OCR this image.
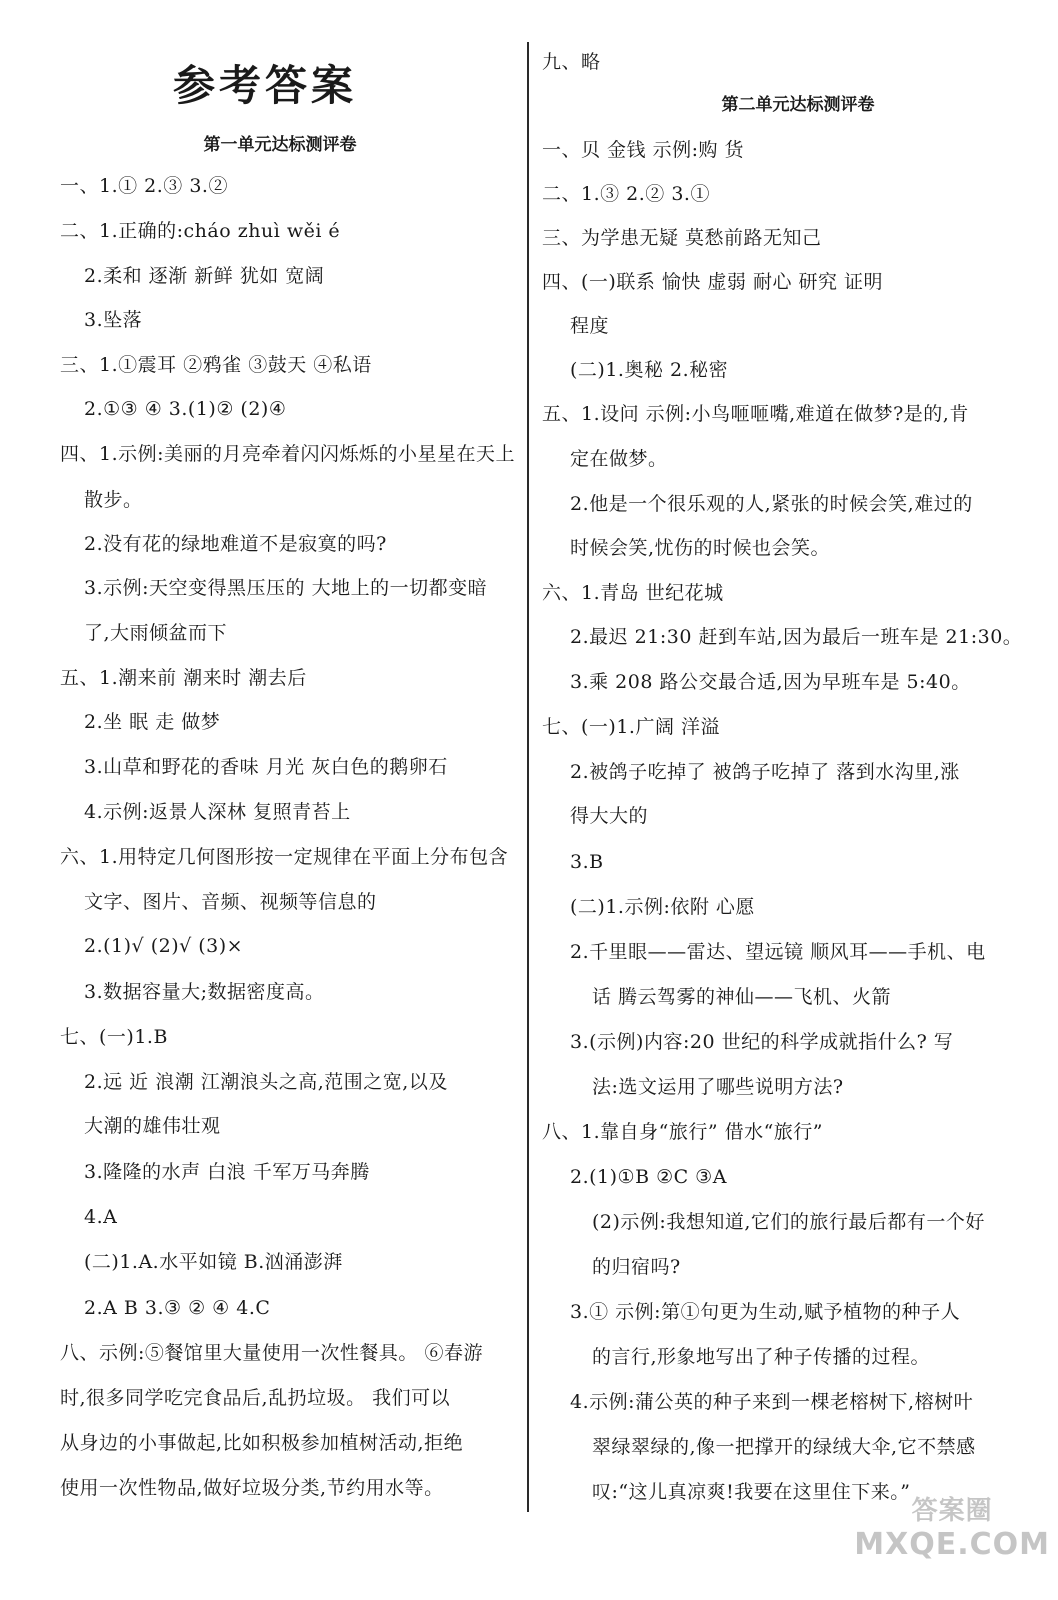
参考答案
第一单元达标测评卷
一、1.① 2.③ 3.②
二、1.正确的:cháo zhuì wěi é
2.柔和 逐渐 新鲜 犹如 宽阔
3.坠落
三、1.①震耳 ②鸦雀 ③鼓天 ④私语
2.①③ ④ 3.(1)② (2)④
四、1.示例:美丽的月亮牵着闪闪烁烁的小星星在天上
散步。
2.没有花的绿地难道不是寂寞的吗?
3.示例:天空变得黑压压的 大地上的一切都变暗
了,大雨倾盆而下
五、1.潮来前 潮来时 潮去后
2.坐 眠 走 做梦
3.山草和野花的香味 月光 灰白色的鹅卵石
4.示例:返景人深林 复照青苔上
六、1.用特定几何图形按一定规律在平面上分布包含
文字、图片、音频、视频等信息的
2.(1)√ (2)√ (3)×
3.数据容量大;数据密度高。
七、(一)1.B
2.远 近 浪潮 江潮浪头之高,范围之宽,以及
大潮的雄伟壮观
3.隆隆的水声 白浪 千军万马奔腾
4.A
(二)1.A.水平如镜 B.汹涌澎湃
2.A B 3.③ ② ④ 4.C
八、示例:⑤餐馆里大量使用一次性餐具。 ⑥春游
时,很多同学吃完食品后,乱扔垃圾。 我们可以
从身边的小事做起,比如积极参加植树活动,拒绝
使用一次性物品,做好垃圾分类,节约用水等。
九、略
第二单元达标测评卷
一、贝 金钱 示例:购 货
二、1.③ 2.② 3.①
三、为学患无疑 莫愁前路无知己
四、(一)联系 愉快 虚弱 耐心 研究 证明
程度
(二)1.奥秘 2.秘密
五、1.设问 示例:小鸟咂咂嘴,难道在做梦?是的,肯
定在做梦。
2.他是一个很乐观的人,紧张的时候会笑,难过的
时候会笑,忧伤的时候也会笑。
六、1.青岛 世纪花城
2.最迟 21:30 赶到车站,因为最后一班车是 21:30。
3.乘 208 路公交最合适,因为早班车是 5:40。
七、(一)1.广阔 洋溢
2.被鸽子吃掉了 被鸽子吃掉了 落到水沟里,涨
得大大的
3.B
(二)1.示例:依附 心愿
2.千里眼——雷达、望远镜 顺风耳——手机、电
话 腾云驾雾的神仙——飞机、火箭
3.(示例)内容:20 世纪的科学成就指什么? 写
法:选文运用了哪些说明方法?
八、1.靠自身“旅行” 借水“旅行”
2.(1)①B ②C ③A
(2)示例:我想知道,它们的旅行最后都有一个好
的归宿吗?
3.① 示例:第①句更为生动,赋予植物的种子人
的言行,形象地写出了种子传播的过程。
4.示例:蒲公英的种子来到一棵老榕树下,榕树叶
翠绿翠绿的,像一把撑开的绿绒大伞,它不禁感
叹:“这儿真凉爽!我要在这里住下来。”
答案圈
MXQE.COM
